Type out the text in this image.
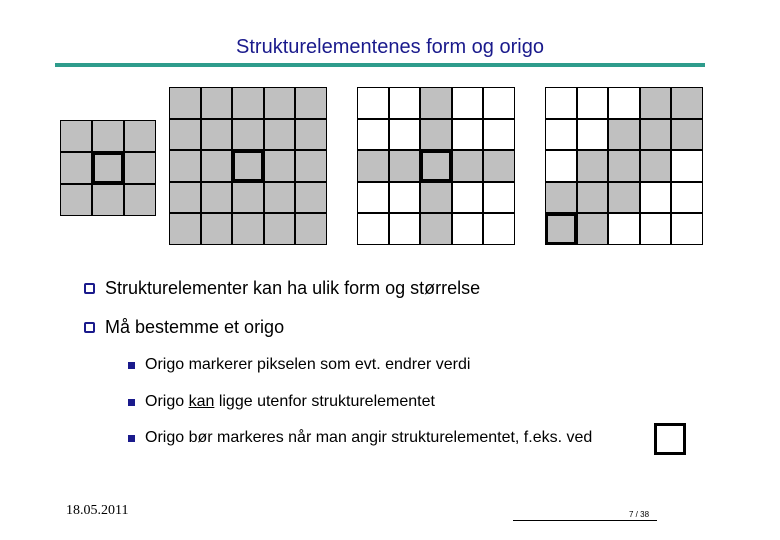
Strukturelementenes form og origo
Strukturelementer kan ha ulik form og størrelse
Må bestemme et origo
Origo markerer pikselen som evt. endrer verdi
Origo kan ligge utenfor strukturelementet
Origo bør markeres når man angir strukturelementet, f.eks. ved
18.05.2011	7 / 38
